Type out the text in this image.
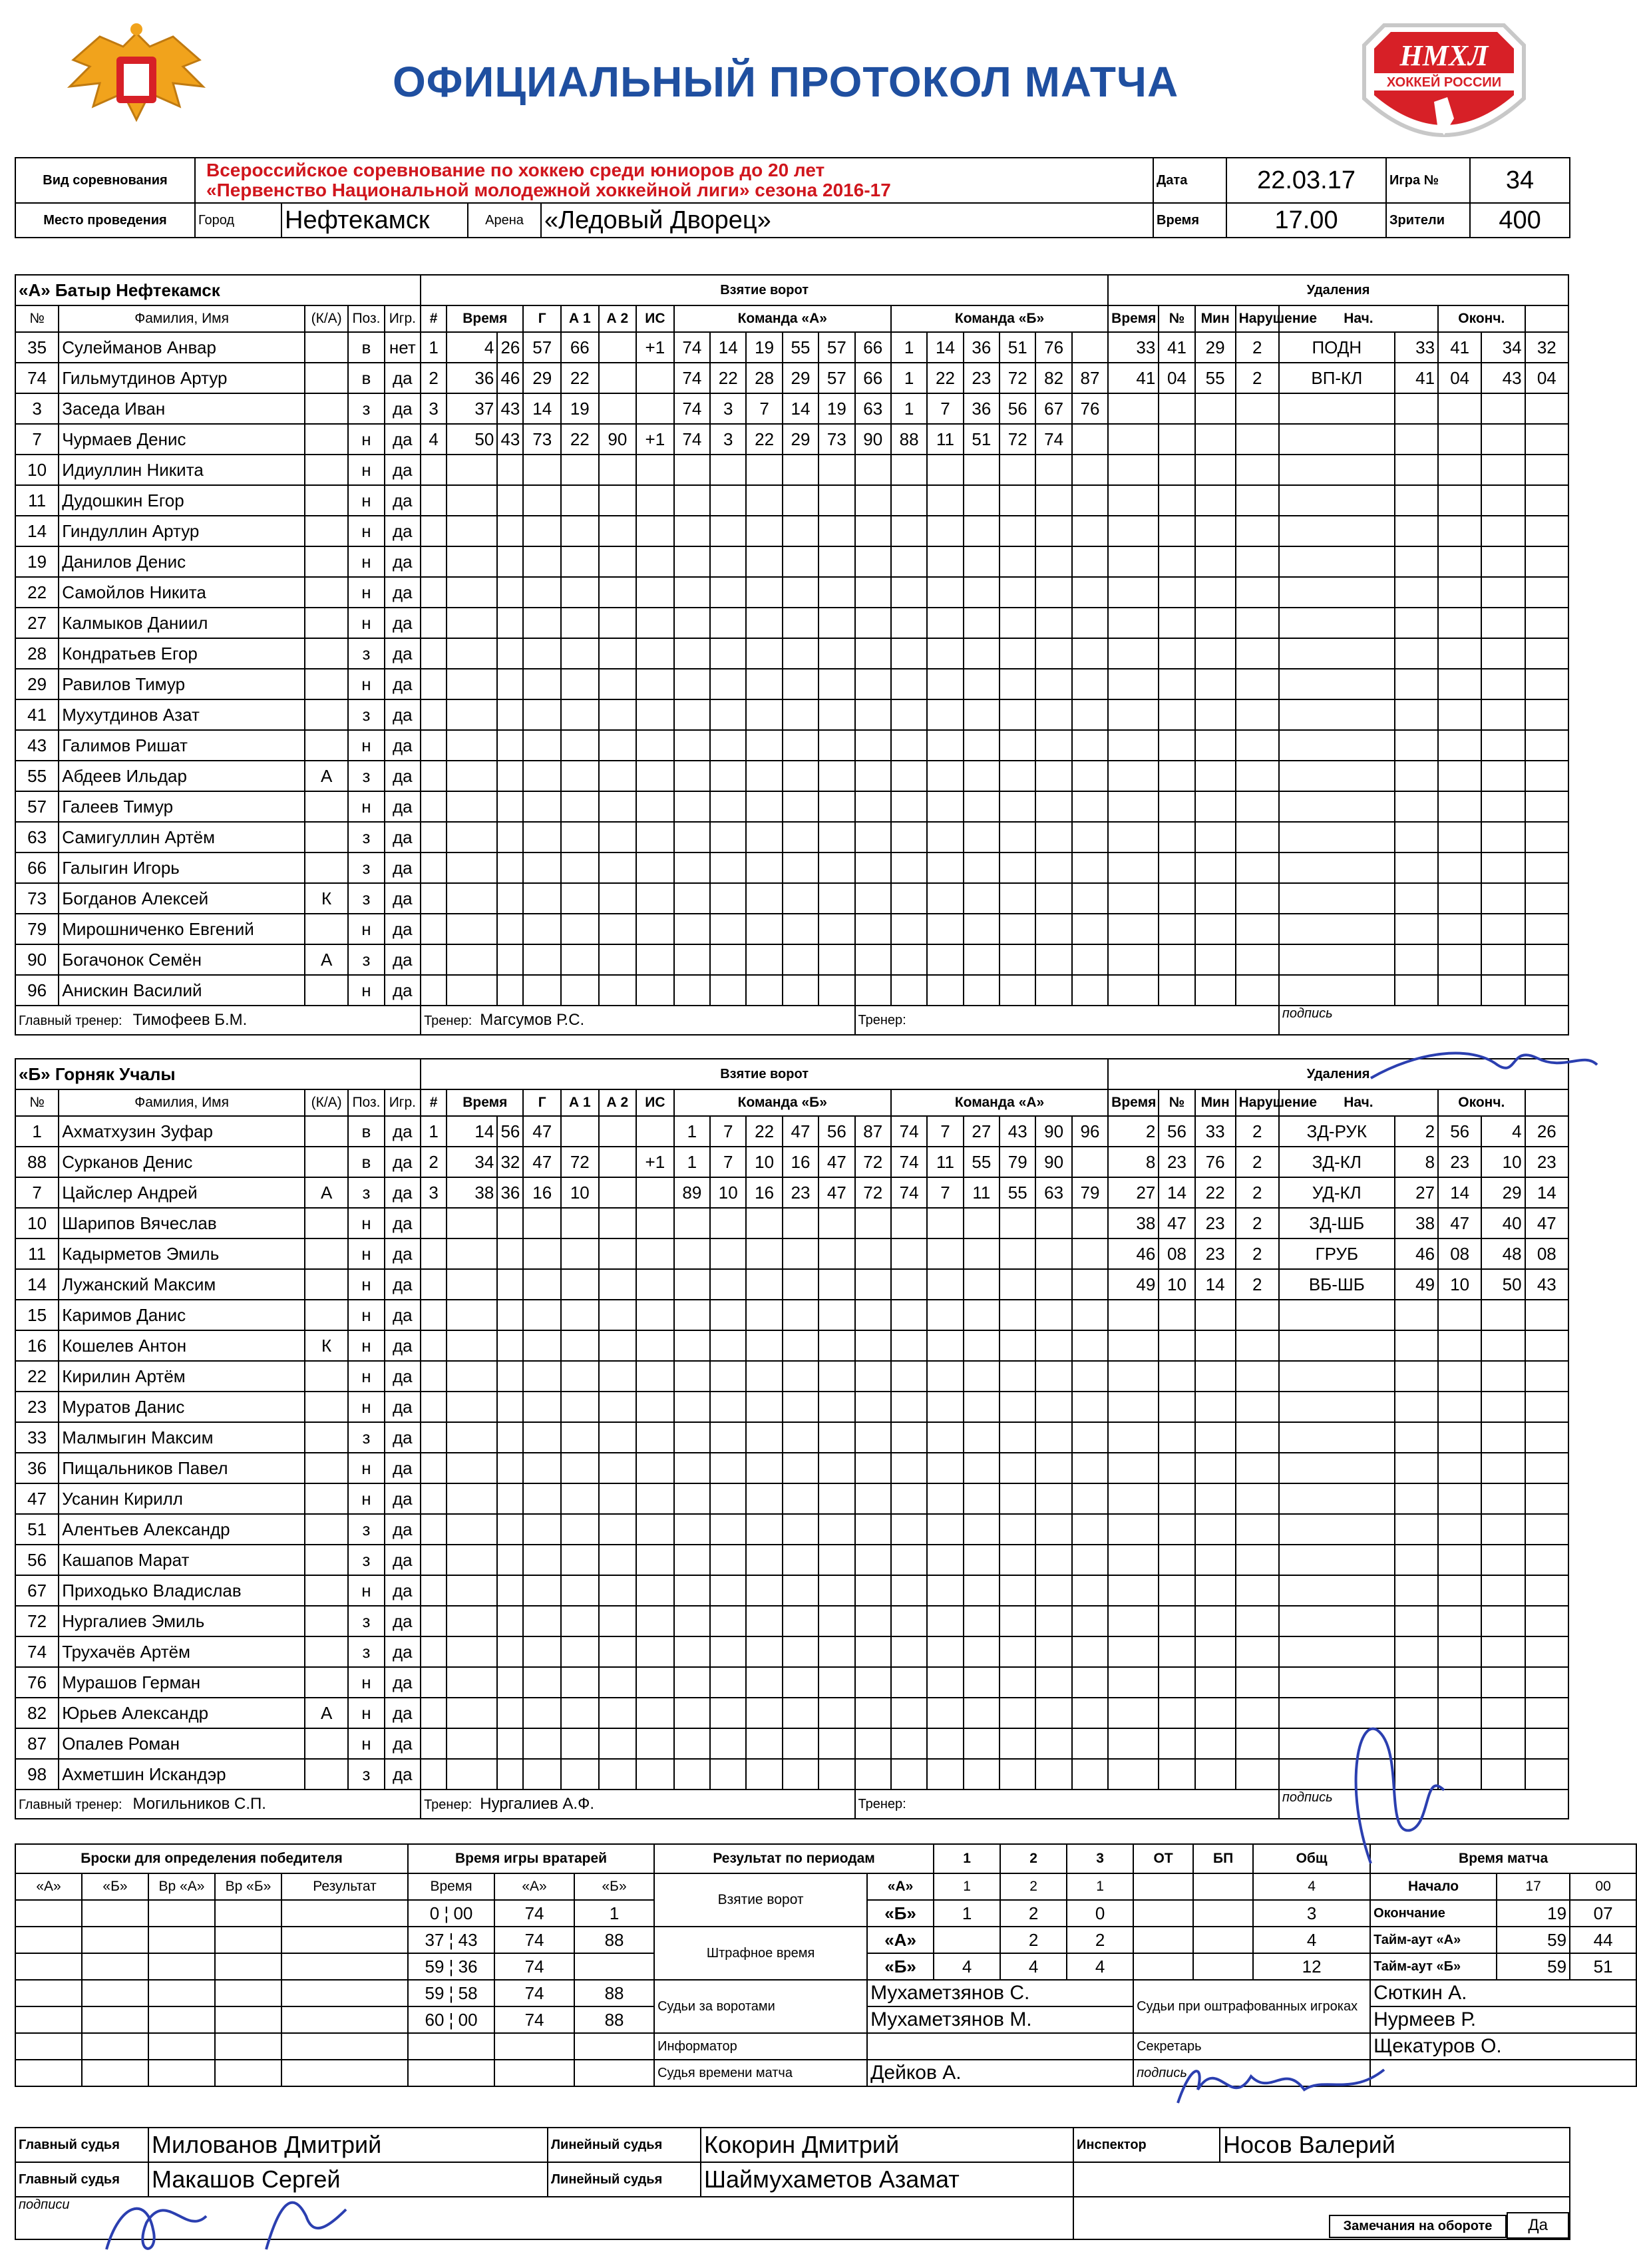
ОФИЦИАЛЬНЫЙ ПРОТОКОЛ МАТЧА
НМХЛ
ХОККЕЙ РОССИИ
Вид соревнования	Всероссийское соревнование по хоккею среди юниоров до 20 лет
«Первенство Национальной молодежной хоккейной лиги» сезона 2016-17				Дата	22.03.17	Игра №	34
Место проведения	Город	Нефтекамск	Арена	«Ледовый Дворец»	Время	17.00	Зрители	400
«А» Батыр Нефтекамск					Взятие ворот																			Удаления								
№	Фамилия, Имя	(К/А)	Поз.	Игр.	#	Время		Г	А 1	А 2	ИС	Команда «А»						Команда «Б»						Время	№	Мин	Нарушение	Нач.		Оконч.		
35	Сулейманов Анвар		в	нет	1	4	26	57	66		+1	74	14	19	55	57	66	1	14	36	51	76		33	41	29	2	ПОДН	33	41	34	32
74	Гильмутдинов Артур		в	да	2	36	46	29	22			74	22	28	29	57	66	1	22	23	72	82	87	41	04	55	2	ВП-КЛ	41	04	43	04
3	Заседа Иван		з	да	3	37	43	14	19			74	3	7	14	19	63	1	7	36	56	67	76									
7	Чурмаев Денис		н	да	4	50	43	73	22	90	+1	74	3	22	29	73	90	88	11	51	72	74										
10	Идиуллин Никита		н	да																												
11	Дудошкин Егор		н	да																												
14	Гиндуллин Артур		н	да																												
19	Данилов Денис		н	да																												
22	Самойлов Никита		н	да																												
27	Калмыков Даниил		н	да																												
28	Кондратьев Егор		з	да																												
29	Равилов Тимур		н	да																												
41	Мухутдинов Азат		з	да																												
43	Галимов Ришат		н	да																												
55	Абдеев Ильдар	А	з	да																												
57	Галеев Тимур		н	да																												
63	Самигуллин Артём		з	да																												
66	Галыгин Игорь		з	да																												
73	Богданов Алексей	К	з	да																												
79	Мирошниченко Евгений		н	да																												
90	Богачонок Семён	А	з	да																												
96	Анискин Василий		н	да																												
Главный тренер: Тимофеев Б.М.					Тренер: Магсумов Р.С.												Тренер:											подпись				
«Б» Горняк Учалы					Взятие ворот																			Удаления								
№	Фамилия, Имя	(К/А)	Поз.	Игр.	#	Время		Г	А 1	А 2	ИС	Команда «Б»						Команда «А»						Время	№	Мин	Нарушение	Нач.		Оконч.		
1	Ахматхузин Зуфар		в	да	1	14	56	47				1	7	22	47	56	87	74	7	27	43	90	96	2	56	33	2	ЗД-РУК	2	56	4	26
88	Сурканов Денис		в	да	2	34	32	47	72		+1	1	7	10	16	47	72	74	11	55	79	90		8	23	76	2	ЗД-КЛ	8	23	10	23
7	Цайслер Андрей	А	з	да	3	38	36	16	10			89	10	16	23	47	72	74	7	11	55	63	79	27	14	22	2	УД-КЛ	27	14	29	14
10	Шарипов Вячеслав		н	да																				38	47	23	2	ЗД-ШБ	38	47	40	47
11	Кадырметов Эмиль		н	да																				46	08	23	2	ГРУБ	46	08	48	08
14	Лужанский Максим		н	да																				49	10	14	2	ВБ-ШБ	49	10	50	43
15	Каримов Данис		н	да																												
16	Кошелев Антон	К	н	да																												
22	Кирилин Артём		н	да																												
23	Муратов Данис		н	да																												
33	Малмыгин Максим		з	да																												
36	Пищальников Павел		н	да																												
47	Усанин Кирилл		н	да																												
51	Алентьев Александр		з	да																												
56	Кашапов Марат		з	да																												
67	Приходько Владислав		н	да																												
72	Нургалиев Эмиль		з	да																												
74	Трухачёв Артём		з	да																												
76	Мурашов Герман		н	да																												
82	Юрьев Александр	А	н	да																												
87	Опалев Роман		н	да																												
98	Ахметшин Искандэр		з	да																												
Главный тренер: Могильников С.П.					Тренер: Нургалиев А.Ф.												Тренер:											подпись				
Броски для определения победителя					Время игры вратарей			Результат по периодам		1	2	3	ОТ	БП	Общ	Время матча		
«А»	«Б»	Вр «А»	Вр «Б»	Результат	Время	«А»	«Б»	Взятие ворот	«А»	1	2	1			4	Начало	17	00
					0 ¦ 00	74	1		«Б»	1	2	0			3	Окончание	19	07
					37 ¦ 43	74	88	Штрафное время	«А»		2	2			4	Тайм-аут «А»	59	44
					59 ¦ 36	74			«Б»	4	4	4			12	Тайм-аут «Б»	59	51
					59 ¦ 58	74	88	Судьи за воротами	Мухаметзянов С.				Судьи при оштрафованных игроках			Сюткин А.		
					60 ¦ 00	74	88		Мухаметзянов М.							Нурмеев Р.		
								Информатор					Секретарь			Щекатуров О.		
								Судья времени матча	Дейков А.				подпись					
Главный судья	Милованов Дмитрий	Линейный судья	Кокорин Дмитрий	Инспектор	Носов Валерий
Главный судья	Макашов Сергей	Линейный судья	Шаймухаметов Азамат		
подписи				Замечания на обороте Да	
